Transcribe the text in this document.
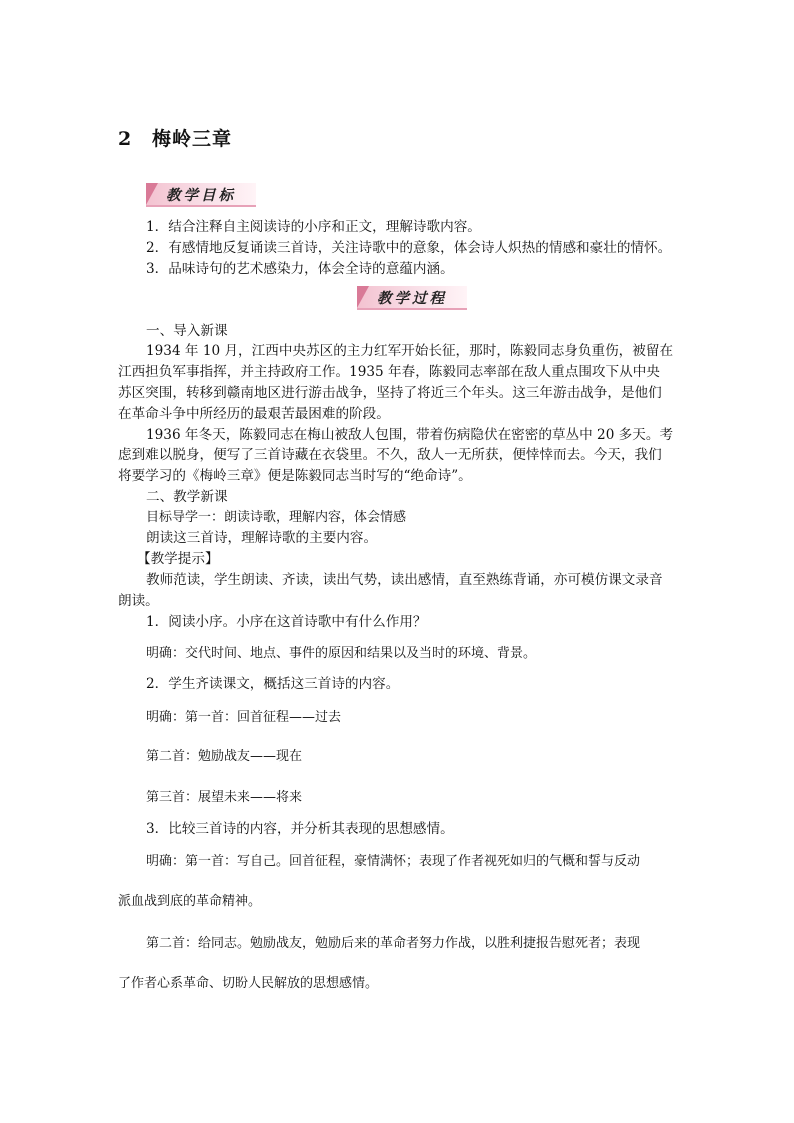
2 梅岭三章
教学目标
1．结合注释自主阅读诗的小序和正文，理解诗歌内容。
2．有感情地反复诵读三首诗，关注诗歌中的意象，体会诗人炽热的情感和豪壮的情怀。
3．品味诗句的艺术感染力，体会全诗的意蕴内涵。
教学过程
一、导入新课
1934 年 10 月，江西中央苏区的主力红军开始长征，那时，陈毅同志身负重伤，被留在
江西担负军事指挥，并主持政府工作。1935 年春，陈毅同志率部在敌人重点围攻下从中央
苏区突围，转移到赣南地区进行游击战争，坚持了将近三个年头。这三年游击战争，是他们
在革命斗争中所经历的最艰苦最困难的阶段。
1936 年冬天，陈毅同志在梅山被敌人包围，带着伤病隐伏在密密的草丛中 20 多天。考
虑到难以脱身，便写了三首诗藏在衣袋里。不久，敌人一无所获，便悻悻而去。今天，我们
将要学习的《梅岭三章》便是陈毅同志当时写的“绝命诗”。
二、教学新课
目标导学一：朗读诗歌，理解内容，体会情感
朗读这三首诗，理解诗歌的主要内容。
【教学提示】
教师范读，学生朗读、齐读，读出气势，读出感情，直至熟练背诵，亦可模仿课文录音
朗读。
1．阅读小序。小序在这首诗歌中有什么作用？
明确：交代时间、地点、事件的原因和结果以及当时的环境、背景。
2．学生齐读课文，概括这三首诗的内容。
明确：第一首：回首征程——过去
第二首：勉励战友——现在
第三首：展望未来——将来
3．比较三首诗的内容，并分析其表现的思想感情。
明确：第一首：写自己。回首征程，豪情满怀；表现了作者视死如归的气概和誓与反动
派血战到底的革命精神。
第二首：给同志。勉励战友，勉励后来的革命者努力作战，以胜利捷报告慰死者；表现
了作者心系革命、切盼人民解放的思想感情。
